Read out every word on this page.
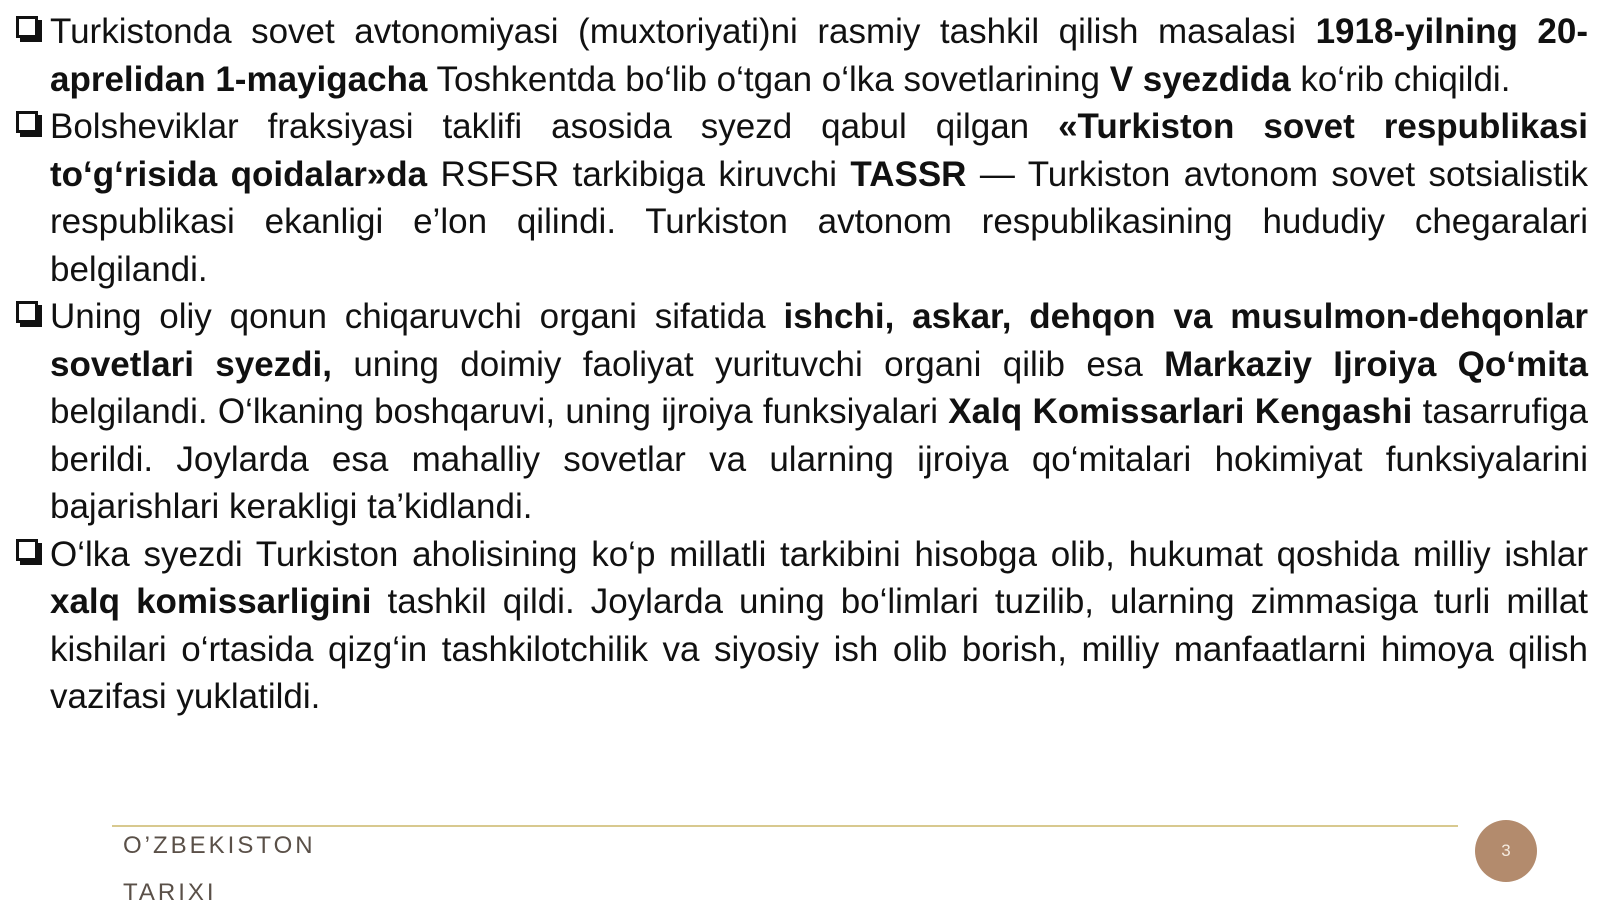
Turkistonda sovet avtonomiyasi (muxtoriyati)ni rasmiy tashkil qilish masalasi 1918-yilning 20-aprelidan 1-mayigacha Toshkentda bo‘lib o‘tgan o‘lka sovetlarining V syezdida ko‘rib chiqildi.

Bolsheviklar fraksiyasi taklifi asosida syezd qabul qilgan «Turkiston sovet respublikasi to‘g‘risida qoidalar»da RSFSR tarkibiga kiruvchi TASSR — Turkiston avtonom sovet sotsialistik respublikasi ekanligi e’lon qilindi. Turkiston avtonom respublikasining hududiy chegaralari belgilandi.

Uning oliy qonun chiqaruvchi organi sifatida ishchi, askar, dehqon va musulmon-dehqonlar sovetlari syezdi, uning doimiy faoliyat yurituvchi organi qilib esa Markaziy Ijroiya Qo‘mita belgilandi. O‘lkaning boshqaruvi, uning ijroiya funksiyalari Xalq Komissarlari Kengashi tasarrufiga berildi. Joylarda esa mahalliy sovetlar va ularning ijroiya qo‘mitalari hokimiyat funksiyalarini bajarishlari kerakligi ta’kidlandi.

O‘lka syezdi Turkiston aholisining ko‘p millatli tarkibini hisobga olib, hukumat qoshida milliy ishlar xalq komissarligini tashkil qildi. Joylarda uning bo‘limlari tuzilib, ularning zimmasiga turli millat kishilari o‘rtasida qizg‘in tashkilotchilik va siyosiy ish olib borish, milliy manfaatlarni himoya qilish vazifasi yuklatildi.

O’ZBEKISTON
TARIXI
3
